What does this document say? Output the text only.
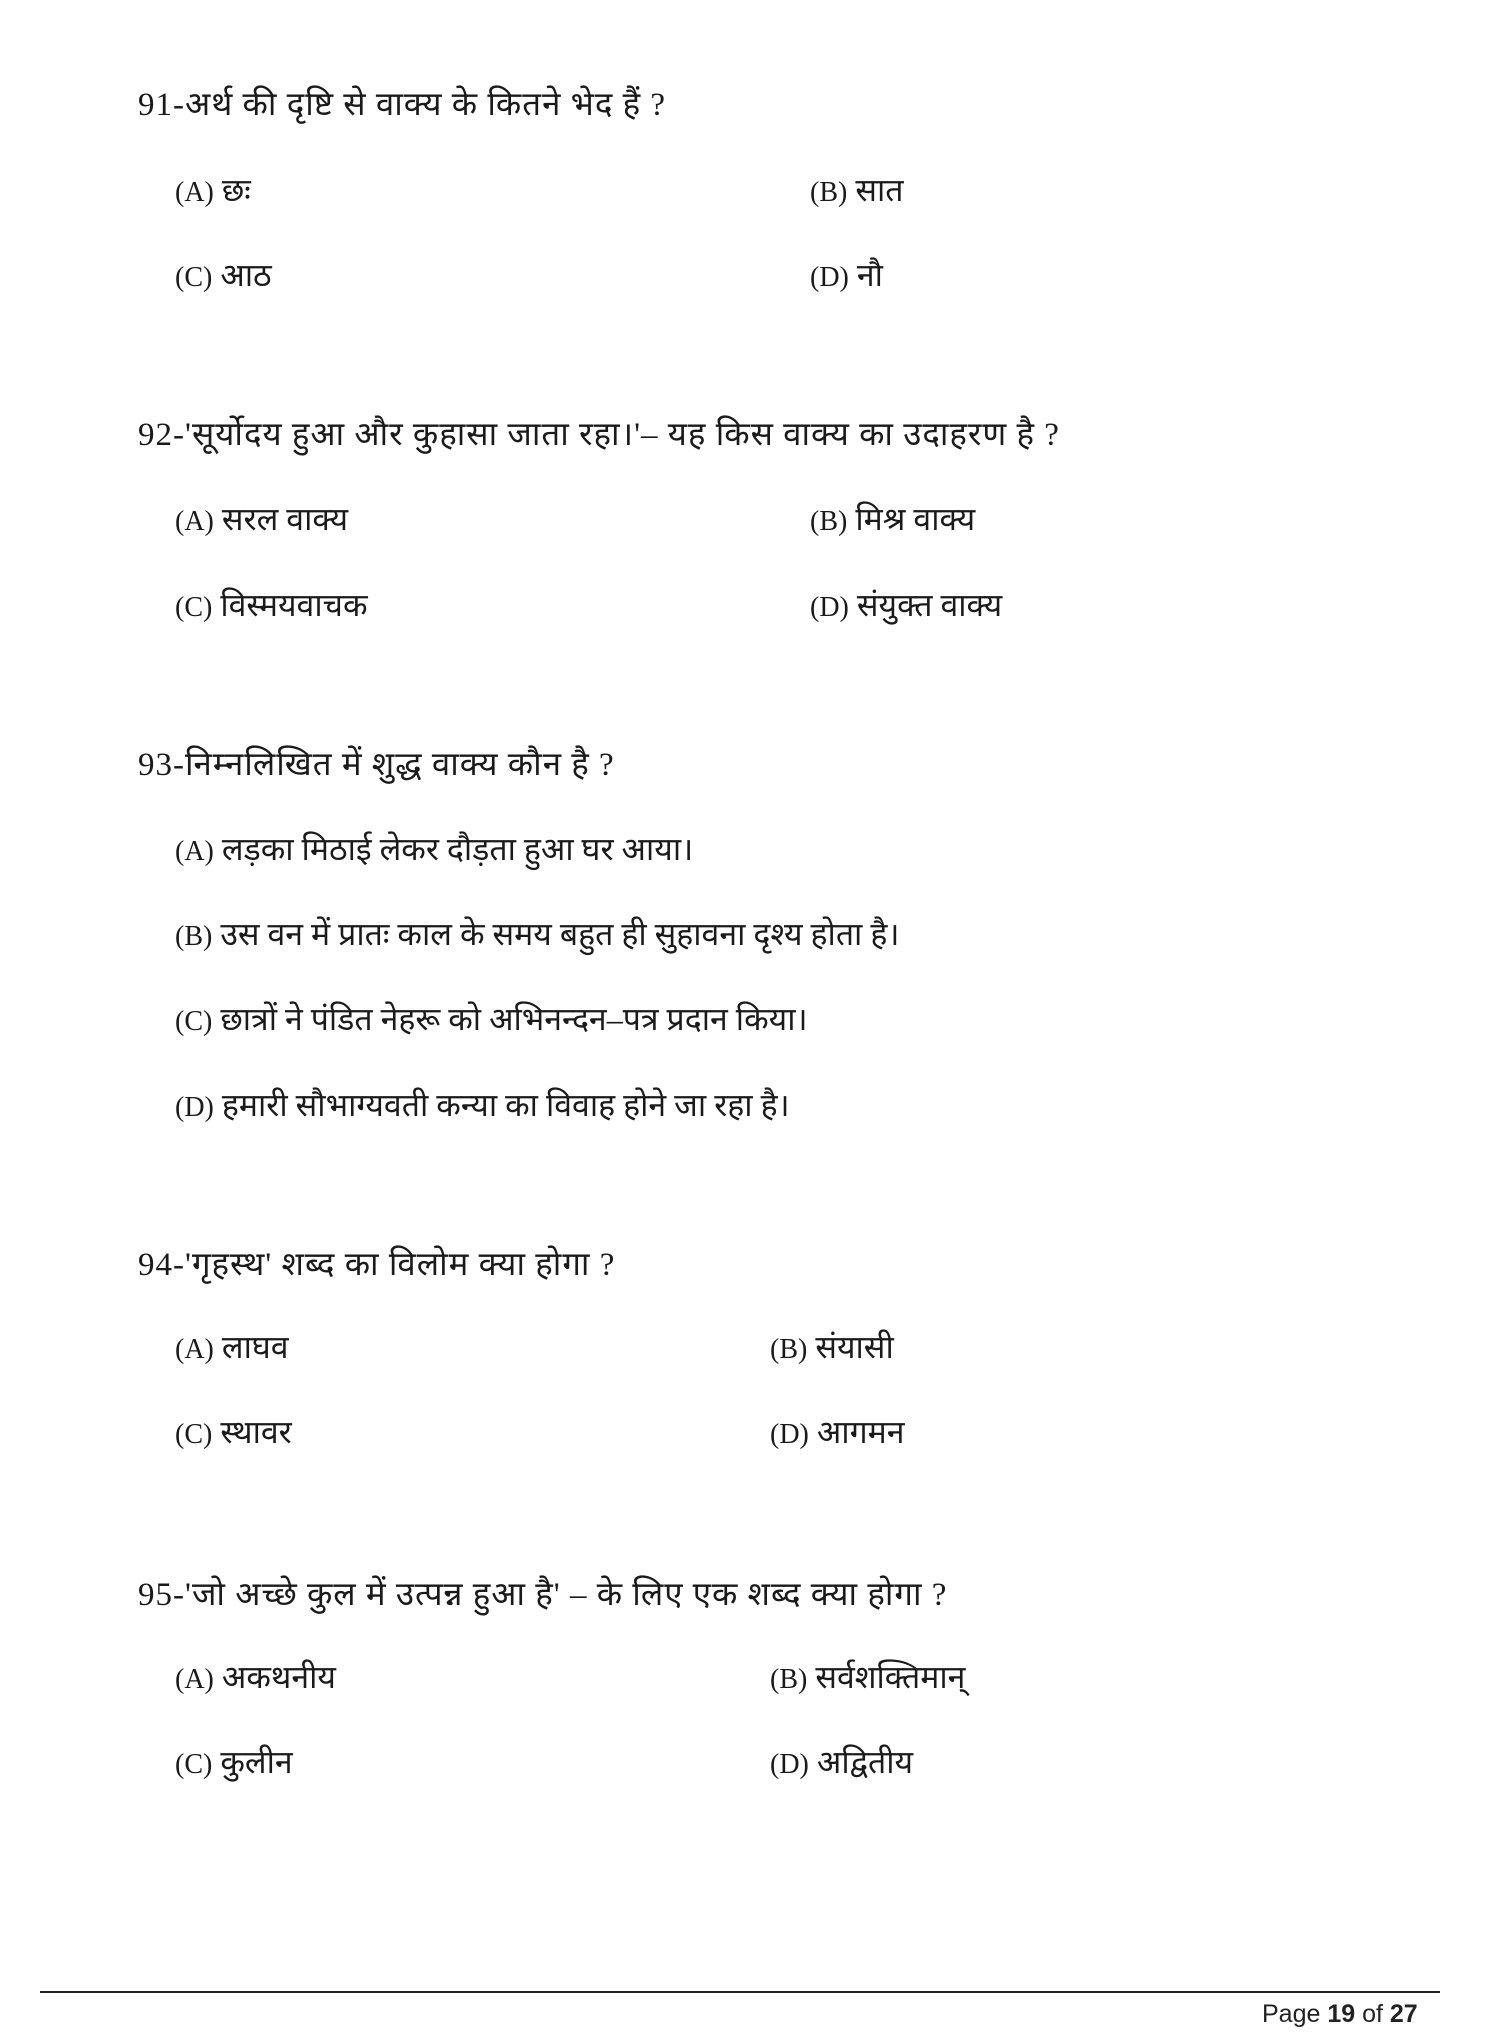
91-अर्थ की दृष्टि से वाक्य के कितने भेद हैं ?
(A) छः	(B) सात
(C) आठ	(D) नौ
92-'सूर्योदय हुआ और कुहासा जाता रहा।'– यह किस वाक्य का उदाहरण है ?
(A) सरल वाक्य	(B) मिश्र वाक्य
(C) विस्मयवाचक	(D) संयुक्त वाक्य
93-निम्नलिखित में शुद्ध वाक्य कौन है ?
(A) लड़का मिठाई लेकर दौड़ता हुआ घर आया।
(B) उस वन में प्रातः काल के समय बहुत ही सुहावना दृश्य होता है।
(C) छात्रों ने पंडित नेहरू को अभिनन्दन–पत्र प्रदान किया।
(D) हमारी सौभाग्यवती कन्या का विवाह होने जा रहा है।
94-'गृहस्थ' शब्द का विलोम क्या होगा ?
(A) लाघव	(B) संयासी
(C) स्थावर	(D) आगमन
95-'जो अच्छे कुल में उत्पन्न हुआ है' – के लिए एक शब्द क्या होगा ?
(A) अकथनीय	(B) सर्वशक्तिमान्
(C) कुलीन	(D) अद्वितीय
Page 19 of 27
